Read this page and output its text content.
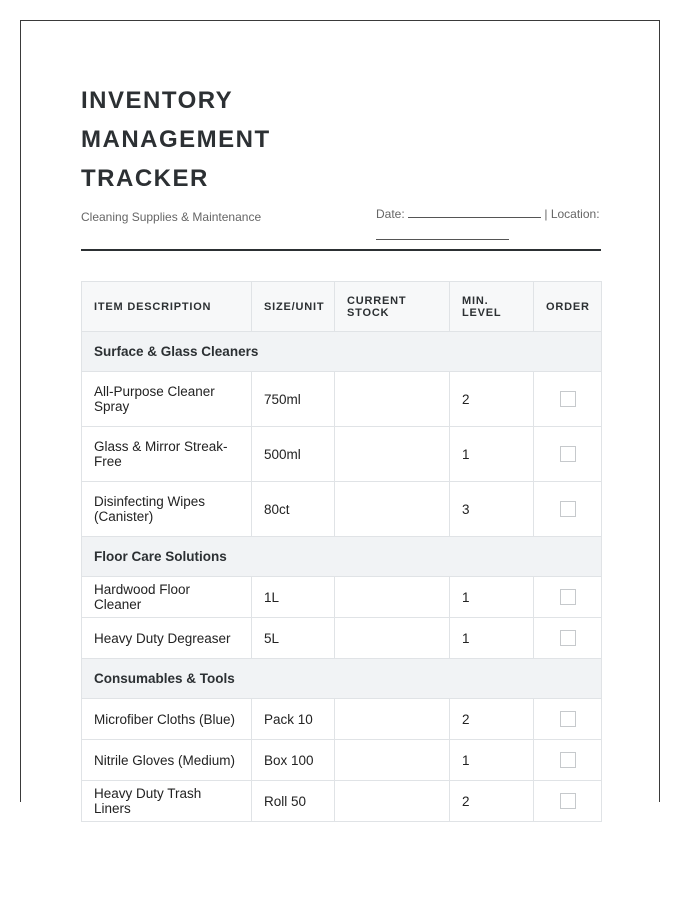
INVENTORY MANAGEMENT TRACKER
Cleaning Supplies & Maintenance	Date:	| Location:

ITEM DESCRIPTION	SIZE/UNIT	CURRENT STOCK	MIN. LEVEL	ORDER
Surface & Glass Cleaners				
All-Purpose Cleaner Spray	750ml		2	
Glass & Mirror Streak-Free	500ml		1	
Disinfecting Wipes (Canister)	80ct		3	
Floor Care Solutions				
Hardwood Floor Cleaner	1L		1	
Heavy Duty Degreaser	5L		1	
Consumables & Tools				
Microfiber Cloths (Blue)	Pack 10		2	
Nitrile Gloves (Medium)	Box 100		1	
Heavy Duty Trash Liners	Roll 50		2	
